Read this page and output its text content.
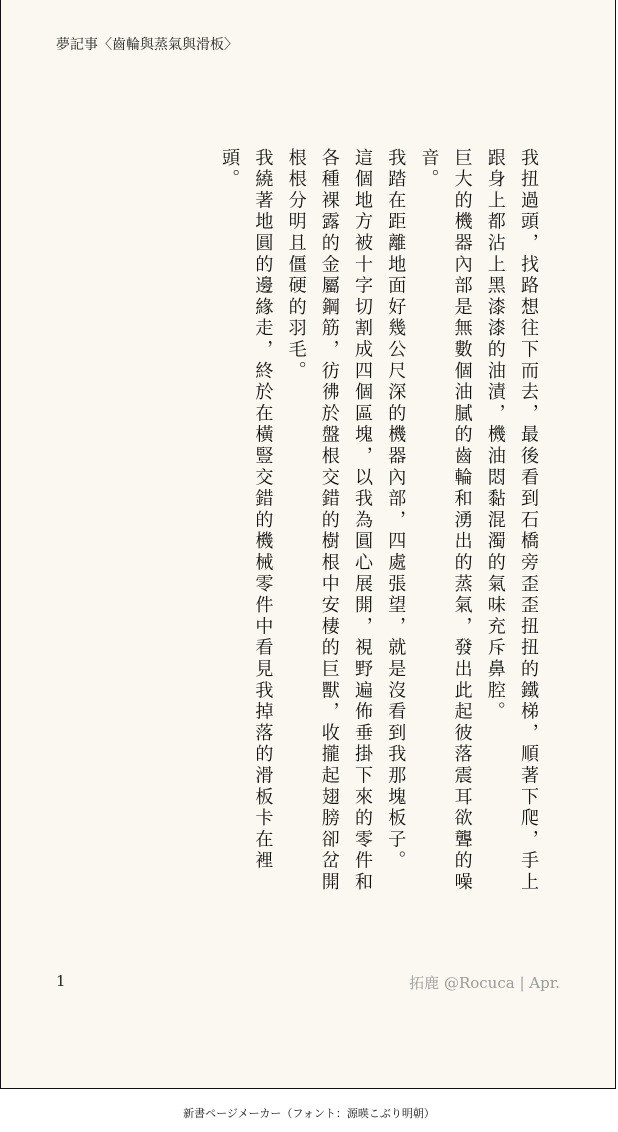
夢記事〈齒輪與蒸氣與滑板〉

我扭過頭，找路想往下而去，最後看到石橋旁歪歪扭扭的鐵梯，順著下爬，手上跟身上都沾上黑漆漆的油漬，機油悶黏混濁的氣味充斥鼻腔。

巨大的機器內部是無數個油膩的齒輪和湧出的蒸氣，發出此起彼落震耳欲聾的噪音。

我踏在距離地面好幾公尺深的機器內部，四處張望，就是沒看到我那塊板子。

這個地方被十字切割成四個區塊，以我為圓心展開，視野遍佈垂掛下來的零件和各種裸露的金屬鋼筋，彷彿於盤根交錯的樹根中安棲的巨獸，收攏起翅膀卻岔開根根分明且僵硬的羽毛。

我繞著地圓的邊緣走，終於在橫豎交錯的機械零件中看見我掉落的滑板卡在裡頭。

1	拓鹿 @Rocuca | Apr.
新書ページメーカー（フォント：源暎こぶり明朝）
